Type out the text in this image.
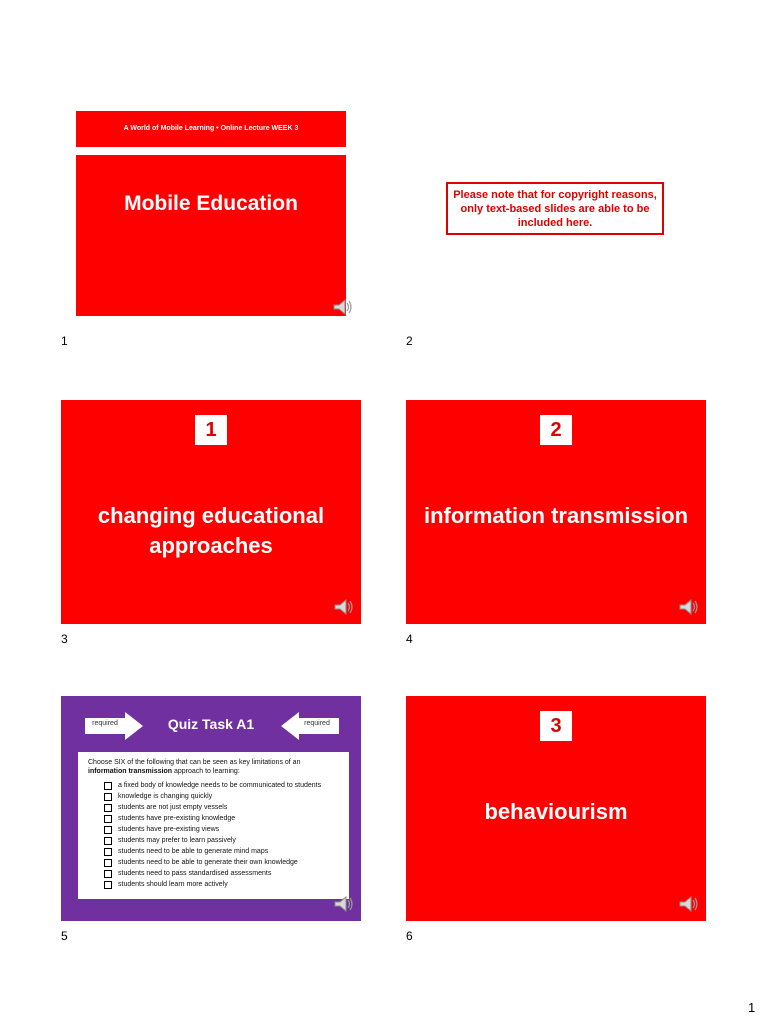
A World of Mobile Learning • Online Lecture WEEK 3
Mobile Education
1
Please note that for copyright reasons, only text-based slides are able to be included here.
2
1
changing educational approaches
3
2
information transmission
4
required	Quiz Task A1	required
Choose SIX of the following that can be seen as key limitations of an information transmission approach to learning:
a fixed body of knowledge needs to be communicated to students
knowledge is changing quickly
students are not just empty vessels
students have pre-existing knowledge
students have pre-existing views
students may prefer to learn passively
students need to be able to generate mind maps
students need to be able to generate their own knowledge
students need to pass standardised assessments
students should learn more actively
5
3
behaviourism
6
1
